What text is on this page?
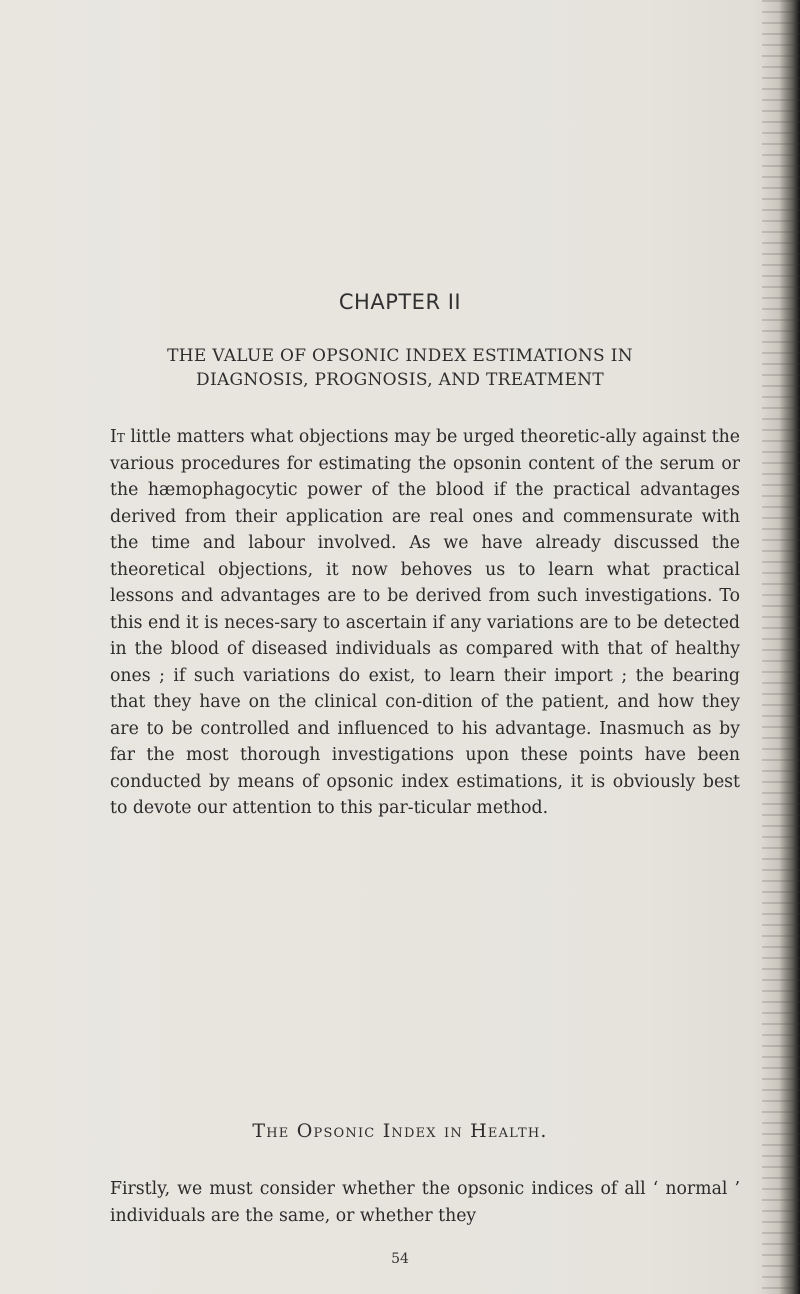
CHAPTER II
THE VALUE OF OPSONIC INDEX ESTIMATIONS IN DIAGNOSIS, PROGNOSIS, AND TREATMENT

It little matters what objections may be urged theoretic-ally against the various procedures for estimating the opsonin content of the serum or the hæmophagocytic power of the blood if the practical advantages derived from their application are real ones and commensurate with the time and labour involved. As we have already discussed the theoretical objections, it now behoves us to learn what practical lessons and advantages are to be derived from such investigations. To this end it is neces-sary to ascertain if any variations are to be detected in the blood of diseased individuals as compared with that of healthy ones ; if such variations do exist, to learn their import ; the bearing that they have on the clinical con-dition of the patient, and how they are to be controlled and influenced to his advantage. Inasmuch as by far the most thorough investigations upon these points have been conducted by means of opsonic index estimations, it is obviously best to devote our attention to this par-ticular method.

The Opsonic Index in Health.

Firstly, we must consider whether the opsonic indices of all ‘ normal ’ individuals are the same, or whether they

54
